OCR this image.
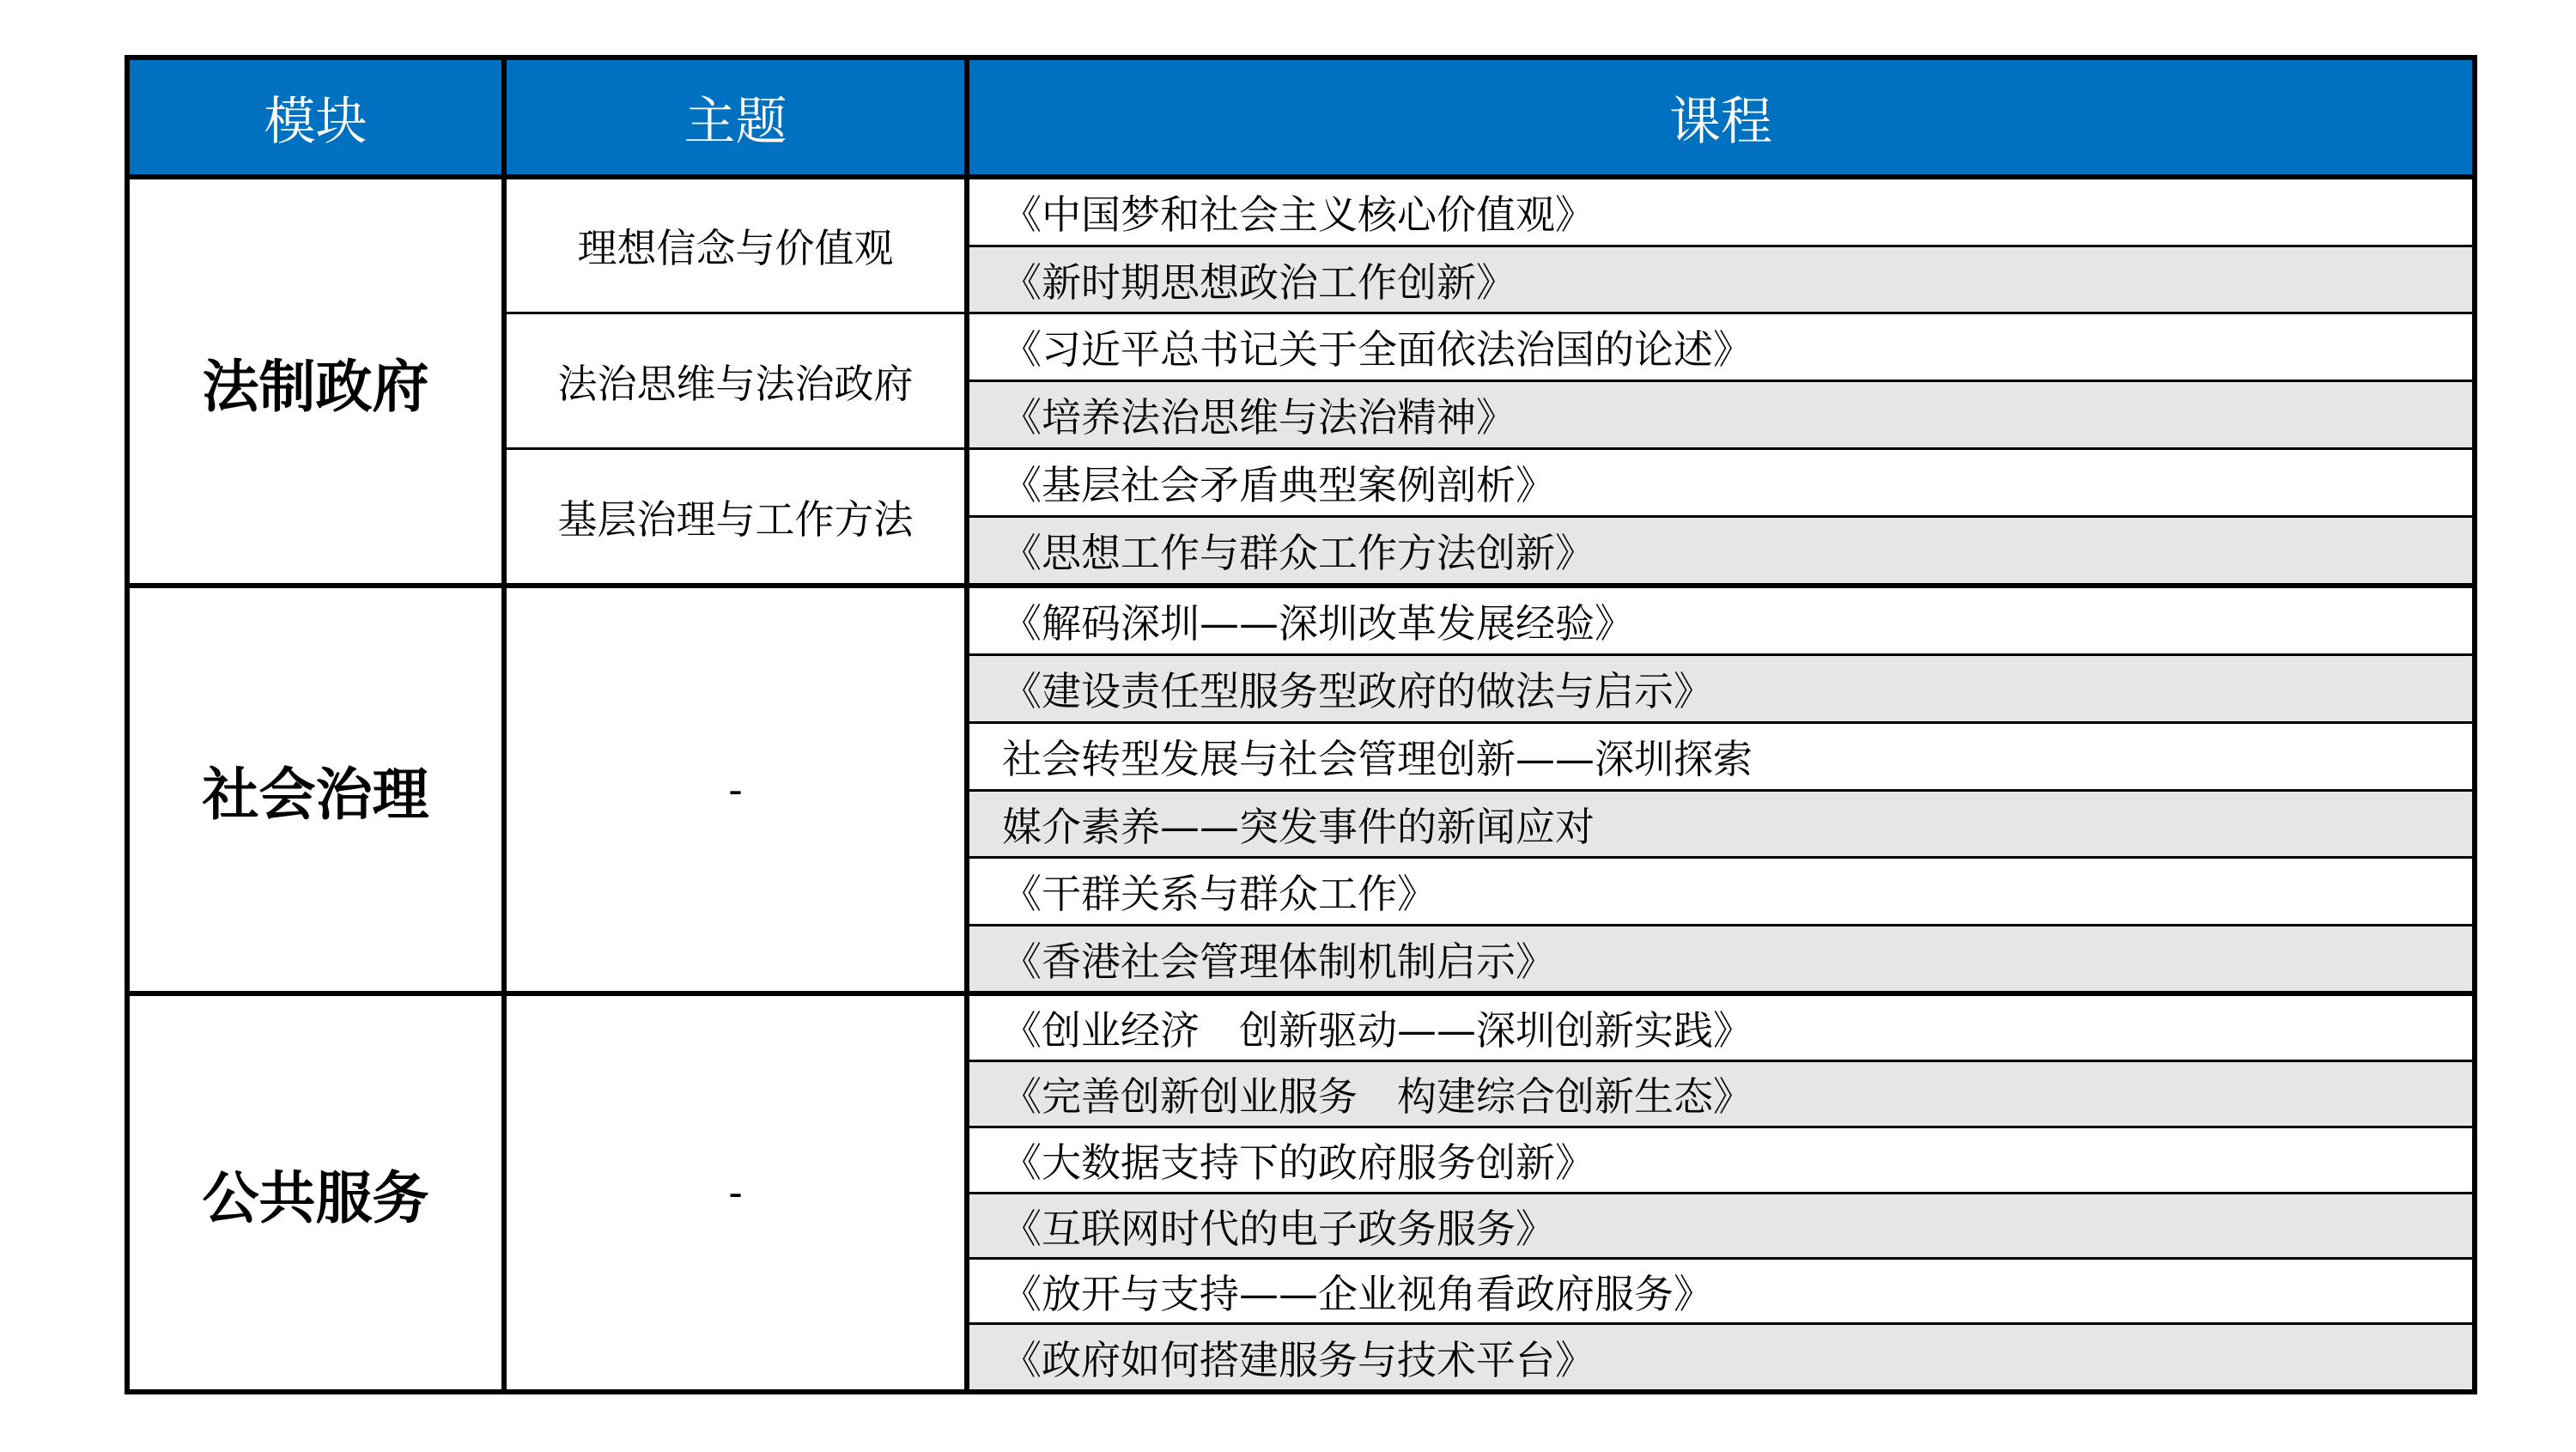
模块	主题	课程
法制政府
社会治理
公共服务
理想信念与价值观
法治思维与法治政府
基层治理与工作方法
-
-
《中国梦和社会主义核心价值观》
《新时期思想政治工作创新》
《习近平总书记关于全面依法治国的论述》
《培养法治思维与法治精神》
《基层社会矛盾典型案例剖析》
《思想工作与群众工作方法创新》
《解码深圳——深圳改革发展经验》
《建设责任型服务型政府的做法与启示》
社会转型发展与社会管理创新——深圳探索
媒介素养——突发事件的新闻应对
《干群关系与群众工作》
《香港社会管理体制机制启示》
《创业经济　创新驱动——深圳创新实践》
《完善创新创业服务　构建综合创新生态》
《大数据支持下的政府服务创新》
《互联网时代的电子政务服务》
《放开与支持——企业视角看政府服务》
《政府如何搭建服务与技术平台》
